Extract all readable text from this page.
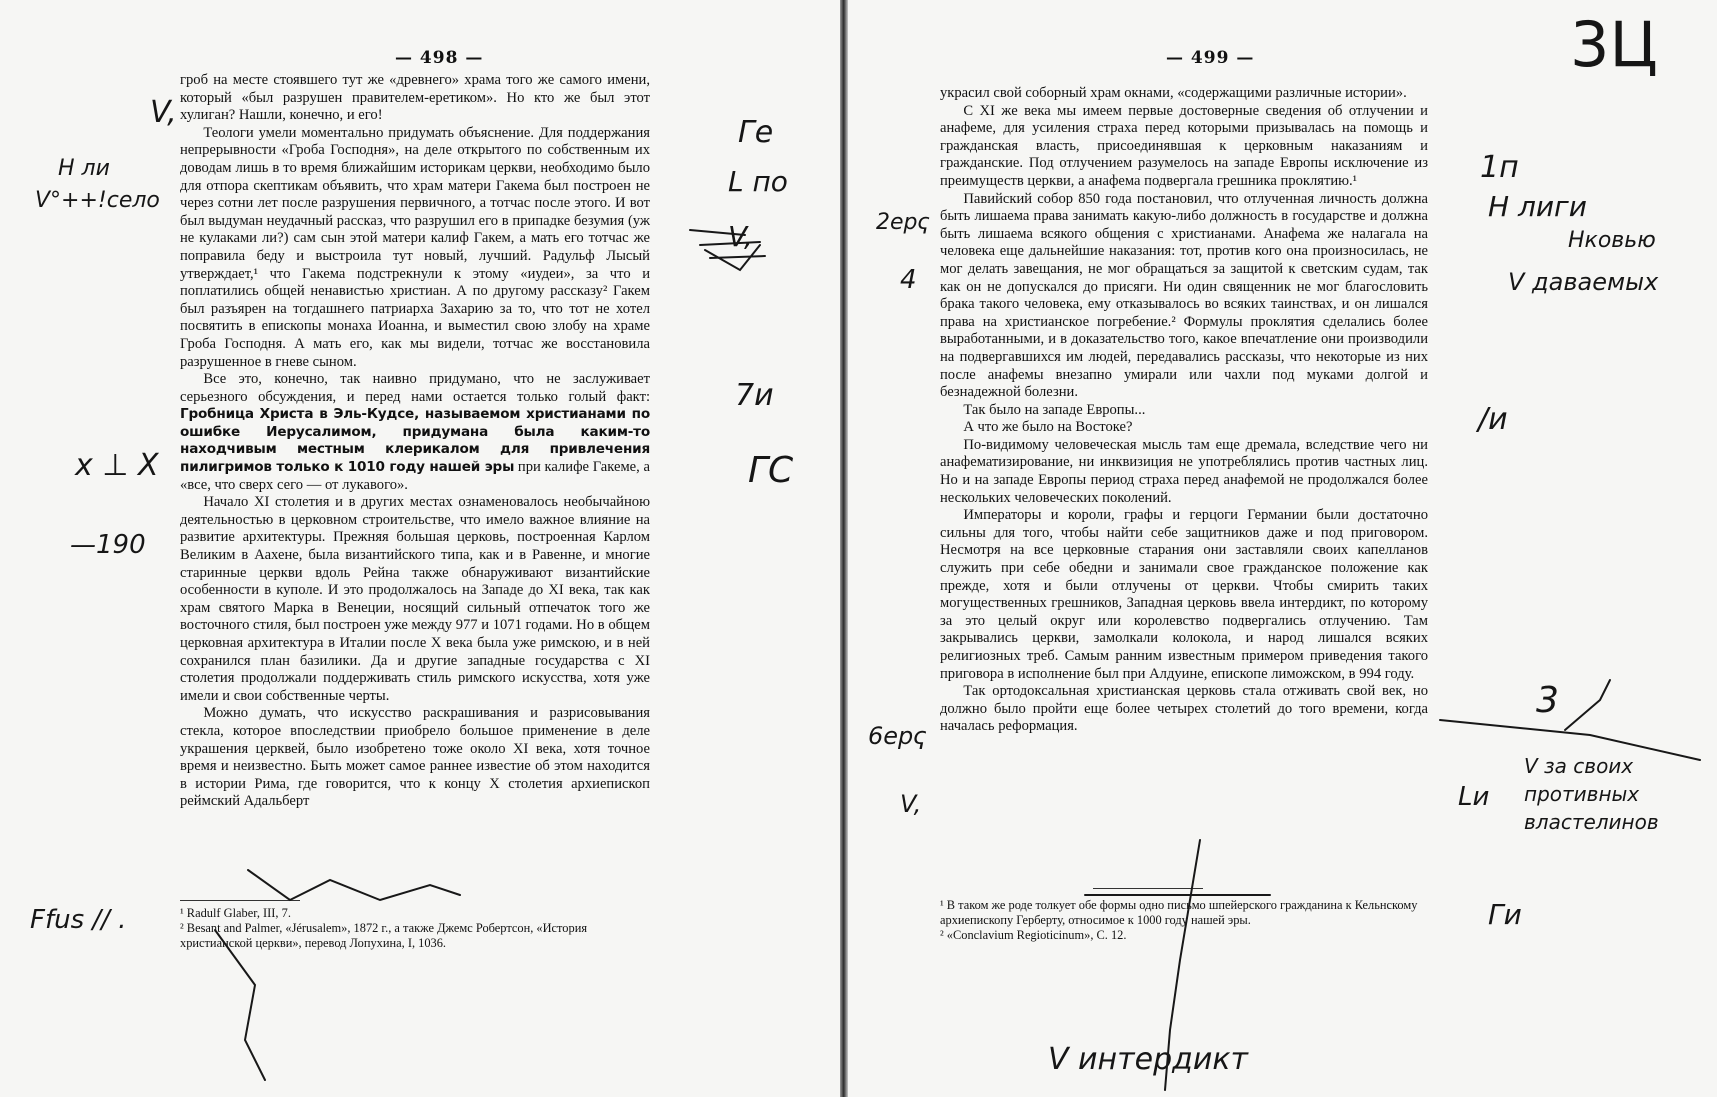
— 498 —

гроб на месте стоявшего тут же «древнего» храма того же самого имени, который «был разрушен правителем-еретиком». Но кто же был этот хулиган? Нашли, конечно, и его!

Теологи умели моментально придумать объяснение. Для поддержания непрерывности «Гроба Господня», на деле открытого по собственным их доводам лишь в то время ближайшим историкам церкви, необходимо было для отпора скептикам объявить, что храм матери Гакема был построен не через сотни лет после разрушения первичного, а тотчас после этого. И вот был выдуман неудачный рассказ, что разрушил его в припадке безумия (уж не кулаками ли?) сам сын этой матери калиф Гакем, а мать его тотчас же поправила беду и выстроила тут новый, лучший. Радульф Лысый утверждает,¹ что Гакема подстрекнули к этому «иудеи», за что и поплатились общей ненавистью христиан. А по другому рассказу² Гакем был разъярен на тогдашнего патриарха Захарию за то, что тот не хотел посвятить в епископы монаха Иоанна, и выместил свою злобу на храме Гроба Господня. А мать его, как мы видели, тотчас же восстановила разрушенное в гневе сыном.

Все это, конечно, так наивно придумано, что не заслуживает серьезного обсуждения, и перед нами остается только голый факт: Гробница Христа в Эль-Кудсе, называемом христианами по ошибке Иерусалимом, придумана была каким-то находчивым местным клерикалом для привлечения пилигримов только к 1010 году нашей эры при калифе Гакеме, а «все, что сверх сего — от лукавого».

Начало XI столетия и в других местах ознаменовалось необычайною деятельностью в церковном строительстве, что имело важное влияние на развитие архитектуры. Прежняя большая церковь, построенная Карлом Великим в Аахене, была византийского типа, как и в Равенне, и многие старинные церкви вдоль Рейна также обнаруживают византийские особенности в куполе. И это продолжалось на Западе до XI века, так как храм святого Марка в Венеции, носящий сильный отпечаток того же восточного стиля, был построен уже между 977 и 1071 годами. Но в общем церковная архитектура в Италии после X века была уже римскою, и в ней сохранился план базилики. Да и другие западные государства с XI столетия продолжали поддерживать стиль римского искусства, хотя уже имели и свои собственные черты.

Можно думать, что искусство раскрашивания и разрисовывания стекла, которое впоследствии приобрело большое применение в деле украшения церквей, было изобретено тоже около XI века, хотя точное время и неизвестно. Быть может самое раннее известие об этом находится в истории Рима, где говорится, что к концу X столетия архиепископ реймский Адальберт

¹ Radulf Glaber, III, 7.

² Besant and Palmer, «Jérusalem», 1872 г., а также Джемс Робертсон, «История христианской церкви», перевод Лопухина, I, 1036.

V,
Н ли
V°++!село
х ⊥ X
—190
Ffus // .
Гe
L по
V,
7и
ГС
— 499 —

украсил свой соборный храм окнами, «содержащими различные истории».

С XI же века мы имеем первые достоверные сведения об отлучении и анафеме, для усиления страха перед которыми призывалась на помощь и гражданская власть, присоединявшая к церковным наказаниям и гражданские. Под отлучением разумелось на западе Европы исключение из преимуществ церкви, а анафема подвергала грешника проклятию.¹

Павийский собор 850 года постановил, что отлученная личность должна быть лишаема права занимать какую-либо должность в государстве и должна быть лишаема всякого общения с христианами. Анафема же налагала на человека еще дальнейшие наказания: тот, против кого она произносилась, не мог делать завещания, не мог обращаться за защитой к светским судам, так как он не допускался до присяги. Ни один священник не мог благословить брака такого человека, ему отказывалось во всяких таинствах, и он лишался права на христианское погребение.² Формулы проклятия сделались более выработанными, и в доказательство того, какое впечатление они производили на подвергавшихся им людей, передавались рассказы, что некоторые из них после анафемы внезапно умирали или чахли под муками долгой и безнадежной болезни.

Так было на западе Европы...

А что же было на Востоке?

По-видимому человеческая мысль там еще дремала, вследствие чего ни анафематизирование, ни инквизиция не употреблялись против частных лиц. Но и на западе Европы период страха перед анафемой не продолжался более нескольких человеческих поколений.

Императоры и короли, графы и герцоги Германии были достаточно сильны для того, чтобы найти себе защитников даже и под приговором. Несмотря на все церковные старания они заставляли своих капелланов служить при себе обедни и занимали свое гражданское положение как прежде, хотя и были отлучены от церкви. Чтобы смирить таких могущественных грешников, Западная церковь ввела интердикт, по которому за это целый округ или королевство подвергались отлучению. Там закрывались церкви, замолкали колокола, и народ лишался всяких религиозных треб. Самым ранним известным примером приведения такого приговора в исполнение был при Алдуине, епископе лиможском, в 994 году.

Так ортодоксальная христианская церковь стала отживать свой век, но должно было пройти еще более четырех столетий до того времени, когда началась реформация.

¹ В таком же роде толкует обе формы одно письмо шпейерского гражданина к Кельнскому архиепископу Герберту, относимое к 1000 году нашей эры.

² «Conclavium Regioticinum», С. 12.

3Ц
2ерҁ
4
6ерҁ
V,
1п
Н лиги
Нковью
V даваемых
/и
3
V за своих противных властелинов
Lи
Ги
V интердикт
